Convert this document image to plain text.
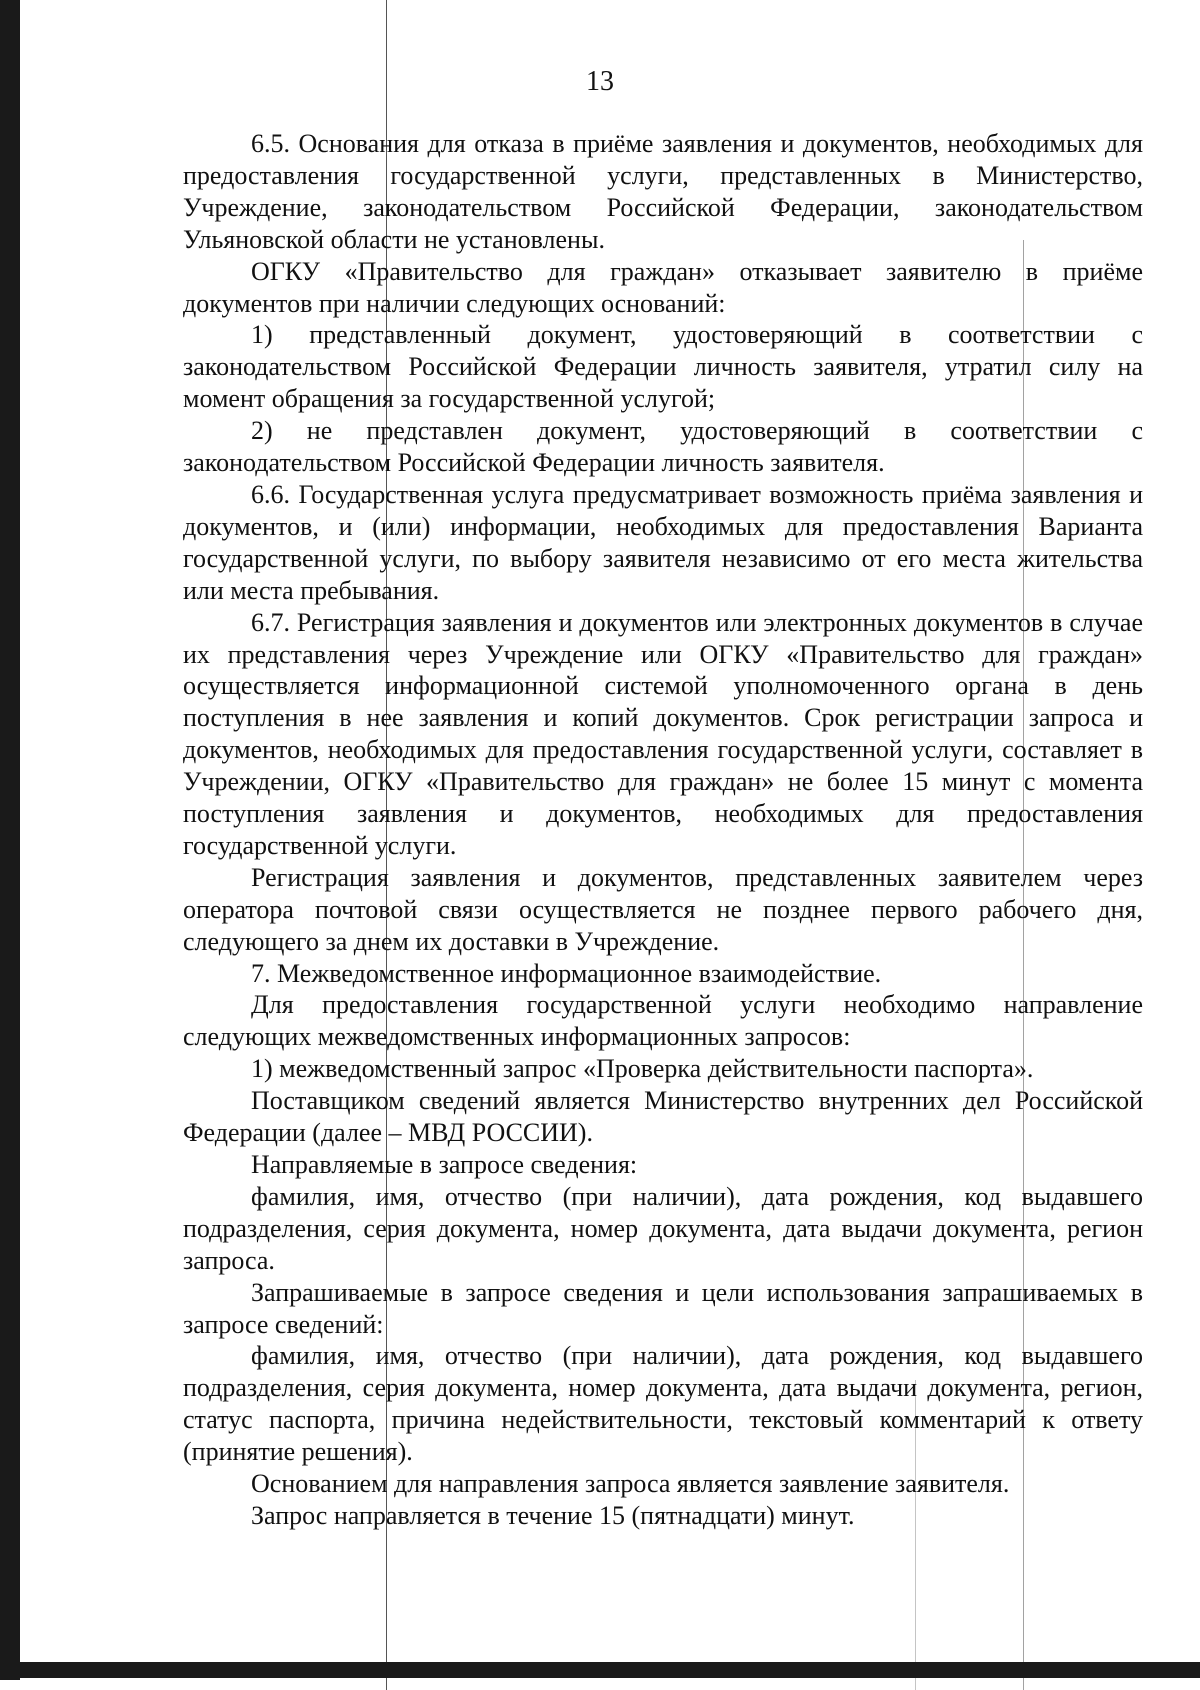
13

6.5. Основания для отказа в приёме заявления и документов, необходимых для предоставления государственной услуги, представленных в Министерство, Учреждение, законодательством Российской Федерации, законодательством Ульяновской области не установлены.

ОГКУ «Правительство для граждан» отказывает заявителю в приёме документов при наличии следующих оснований:

1) представленный документ, удостоверяющий в соответствии с законодательством Российской Федерации личность заявителя, утратил силу на момент обращения за государственной услугой;

2) не представлен документ, удостоверяющий в соответствии с законодательством Российской Федерации личность заявителя.

6.6. Государственная услуга предусматривает возможность приёма заявления и документов, и (или) информации, необходимых для предоставления Варианта государственной услуги, по выбору заявителя независимо от его места жительства или места пребывания.

6.7. Регистрация заявления и документов или электронных документов в случае их представления через Учреждение или ОГКУ «Правительство для граждан» осуществляется информационной системой уполномоченного органа в день поступления в нее заявления и копий документов. Срок регистрации запроса и документов, необходимых для предоставления государственной услуги, составляет в Учреждении, ОГКУ «Правительство для граждан» не более 15 минут с момента поступления заявления и документов, необходимых для предоставления государственной услуги.

Регистрация заявления и документов, представленных заявителем через оператора почтовой связи осуществляется не позднее первого рабочего дня, следующего за днем их доставки в Учреждение.

7. Межведомственное информационное взаимодействие.

Для предоставления государственной услуги необходимо направление следующих межведомственных информационных запросов:

1) межведомственный запрос «Проверка действительности паспорта».

Поставщиком сведений является Министерство внутренних дел Российской Федерации (далее – МВД РОССИИ).

Направляемые в запросе сведения:

фамилия, имя, отчество (при наличии), дата рождения, код выдавшего подразделения, серия документа, номер документа, дата выдачи документа, регион запроса.

Запрашиваемые в запросе сведения и цели использования запрашиваемых в запросе сведений:

фамилия, имя, отчество (при наличии), дата рождения, код выдавшего подразделения, серия документа, номер документа, дата выдачи документа, регион, статус паспорта, причина недействительности, текстовый комментарий к ответу (принятие решения).

Основанием для направления запроса является заявление заявителя.

Запрос направляется в течение 15 (пятнадцати) минут.
